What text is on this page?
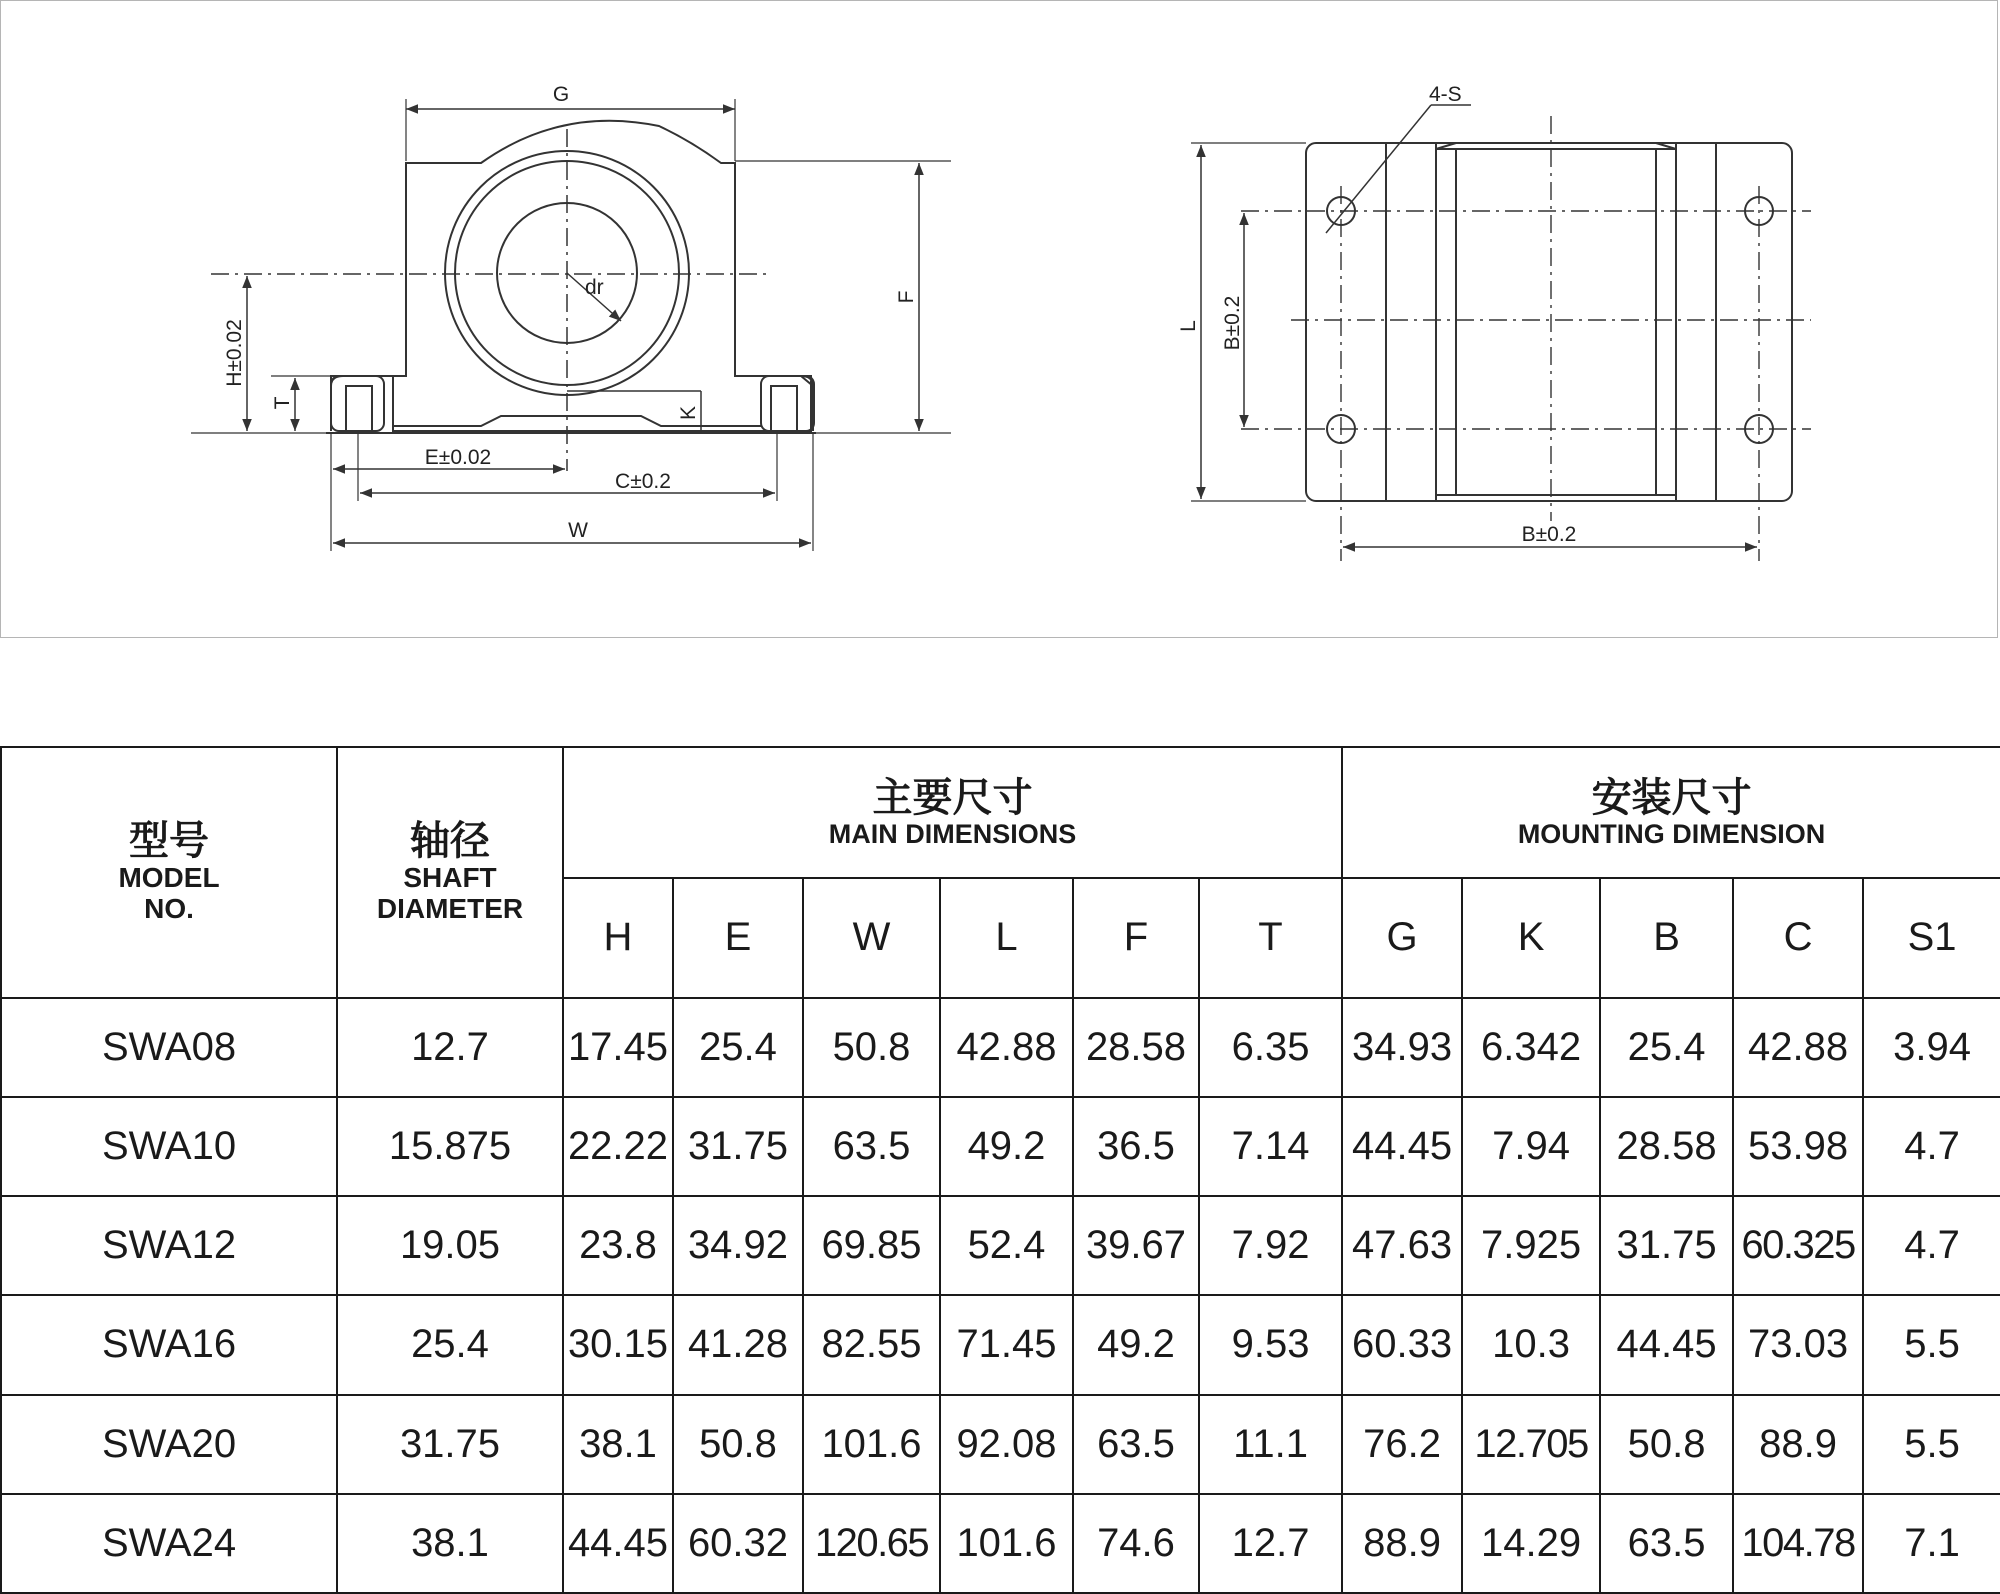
G
dr	F
H±0.02
T
K
E±0.02
C±0.2
W
4-S
L B±0.2
B±0.2
型号
MODEL
NO.	轴径
SHAFT
DIAMETER	主要尺寸
MAIN DIMENSIONS						安装尺寸
MOUNTING DIMENSION				

		H	E	W	L	F	T	G	K	B	C	S1
SWA08	12.7	17.45	25.4	50.8	42.88	28.58	6.35	34.93	6.342	25.4	42.88	3.94
SWA10	15.875	22.22	31.75	63.5	49.2	36.5	7.14	44.45	7.94	28.58	53.98	4.7
SWA12	19.05	23.8	34.92	69.85	52.4	39.67	7.92	47.63	7.925	31.75	60.325	4.7
SWA16	25.4	30.15	41.28	82.55	71.45	49.2	9.53	60.33	10.3	44.45	73.03	5.5
SWA20	31.75	38.1	50.8	101.6	92.08	63.5	11.1	76.2	12.705	50.8	88.9	5.5
SWA24	38.1	44.45	60.32	120.65	101.6	74.6	12.7	88.9	14.29	63.5	104.78	7.1
